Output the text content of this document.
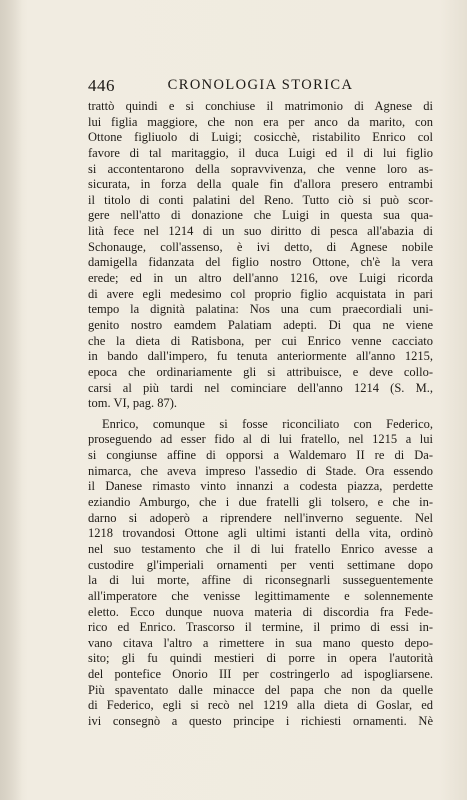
446	CRONOLOGIA STORICA
trattò quindi e si conchiuse il matrimonio di Agnese di
lui figlia maggiore, che non era per anco da marito, con
Ottone figliuolo di Luigi; cosicchè, ristabilito Enrico col
favore di tal maritaggio, il duca Luigi ed il di lui figlio
si accontentarono della sopravvivenza, che venne loro as-
sicurata, in forza della quale fin d'allora presero entrambi
il titolo di conti palatini del Reno. Tutto ciò si può scor-
gere nell'atto di donazione che Luigi in questa sua qua-
lità fece nel 1214 di un suo diritto di pesca all'abazia di
Schonauge, coll'assenso, è ivi detto, di Agnese nobile
damigella fidanzata del figlio nostro Ottone, ch'è la vera
erede; ed in un altro dell'anno 1216, ove Luigi ricorda
di avere egli medesimo col proprio figlio acquistata in pari
tempo la dignità palatina: Nos una cum praecordiali uni-
genito nostro eamdem Palatiam adepti. Di qua ne viene
che la dieta di Ratisbona, per cui Enrico venne cacciato
in bando dall'impero, fu tenuta anteriormente all'anno 1215,
epoca che ordinariamente gli si attribuisce, e deve collo-
carsi al più tardi nel cominciare dell'anno 1214 (S. M.,
tom. VI, pag. 87).
Enrico, comunque si fosse riconciliato con Federico,
proseguendo ad esser fido al di lui fratello, nel 1215 a lui
si congiunse affine di opporsi a Waldemaro II re di Da-
nimarca, che aveva impreso l'assedio di Stade. Ora essendo
il Danese rimasto vinto innanzi a codesta piazza, perdette
eziandio Amburgo, che i due fratelli gli tolsero, e che in-
darno si adoperò a riprendere nell'inverno seguente. Nel
1218 trovandosi Ottone agli ultimi istanti della vita, ordinò
nel suo testamento che il di lui fratello Enrico avesse a
custodire gl'imperiali ornamenti per venti settimane dopo
la di lui morte, affine di riconsegnarli susseguentemente
all'imperatore che venisse legittimamente e solennemente
eletto. Ecco dunque nuova materia di discordia fra Fede-
rico ed Enrico. Trascorso il termine, il primo di essi in-
vano citava l'altro a rimettere in sua mano questo depo-
sito; gli fu quindi mestieri di porre in opera l'autorità
del pontefice Onorio III per costringerlo ad ispogliarsene.
Più spaventato dalle minacce del papa che non da quelle
di Federico, egli si recò nel 1219 alla dieta di Goslar, ed
ivi consegnò a questo principe i richiesti ornamenti. Nè
